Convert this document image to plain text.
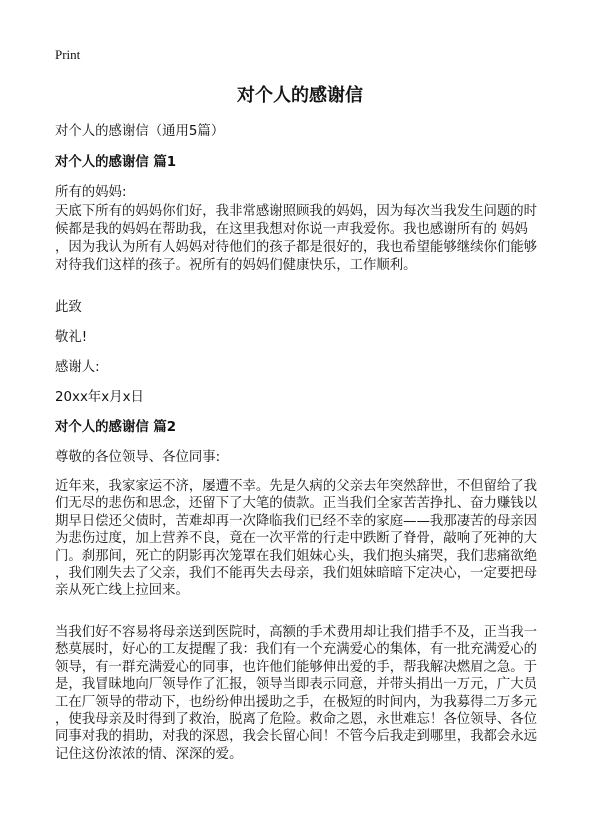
Print
对个人的感谢信
对个人的感谢信（通用5篇）
对个人的感谢信 篇1
所有的妈妈:
天底下所有的妈妈你们好，我非常感谢照顾我的妈妈，因为每次当我发生问题的时
候都是我的妈妈在帮助我，在这里我想对你说一声我爱你。我也感谢所有的 妈妈
，因为我认为所有人妈妈对待他们的孩子都是很好的，我也希望能够继续你们能够
对待我们这样的孩子。祝所有的妈妈们健康快乐，工作顺利。
此致
敬礼!
感谢人:
20xx年x月x日
对个人的感谢信 篇2
尊敬的各位领导、各位同事:
近年来，我家家运不济，屡遭不幸。先是久病的父亲去年突然辞世，不但留给了我
们无尽的悲伤和思念，还留下了大笔的债款。正当我们全家苦苦挣扎、奋力赚钱以
期早日偿还父债时，苦难却再一次降临我们已经不幸的家庭——我那凄苦的母亲因
为悲伤过度，加上营养不良，竟在一次平常的行走中跌断了脊骨，敲响了死神的大
门。刹那间，死亡的阴影再次笼罩在我们姐妹心头，我们抱头痛哭，我们悲痛欲绝
，我们刚失去了父亲，我们不能再失去母亲，我们姐妹暗暗下定决心，一定要把母
亲从死亡线上拉回来。
当我们好不容易将母亲送到医院时，高额的手术费用却让我们措手不及，正当我一
愁莫展时，好心的工友提醒了我：我们有一个充满爱心的集体，有一批充满爱心的
领导，有一群充满爱心的同事，也许他们能够伸出爱的手，帮我解决燃眉之急。于
是，我冒昧地向厂领导作了汇报，领导当即表示同意，并带头捐出一万元，广大员
工在厂领导的带动下，也纷纷伸出援助之手，在极短的时间内，为我募得二万多元
，使我母亲及时得到了救治，脱离了危险。救命之恩，永世难忘！各位领导、各位
同事对我的捐助，对我的深恩，我会长留心间！不管今后我走到哪里，我都会永远
记住这份浓浓的情、深深的爱。
